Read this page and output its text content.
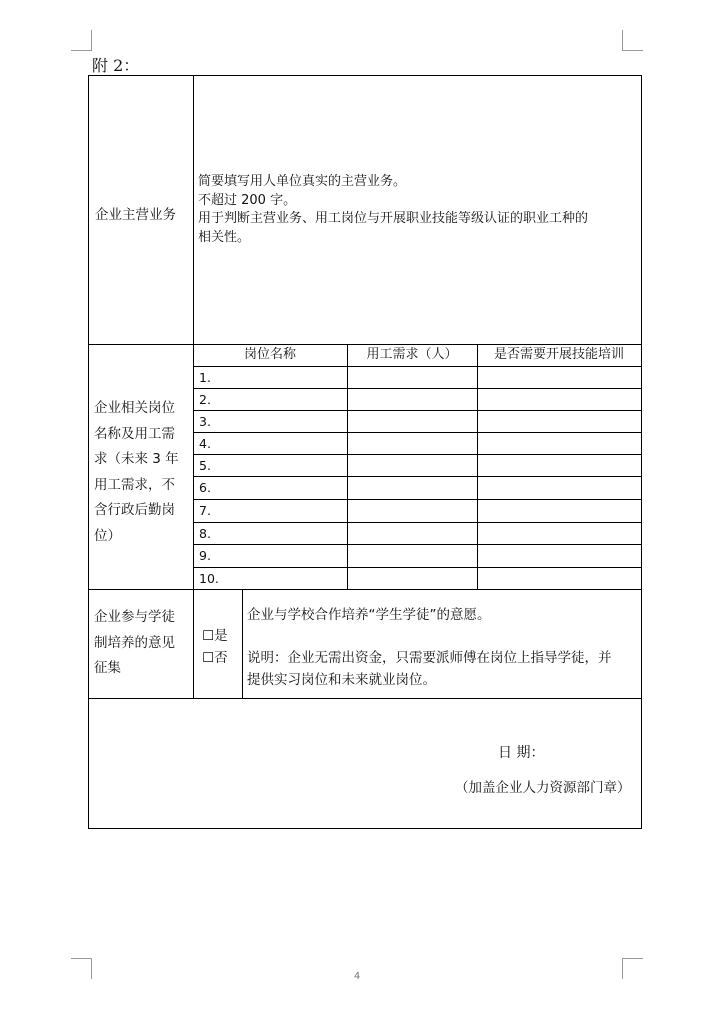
附 2：
企业主营业务
简要填写用人单位真实的主营业务。
不超过 200 字。
用于判断主营业务、用工岗位与开展职业技能等级认证的职业工种的
相关性。
企业相关岗位
名称及用工需
求（未来 3 年
用工需求，不
含行政后勤岗
位）
岗位名称	用工需求（人）	是否需要开展技能培训
1.
2.
3.
4.
5.
6.
7.
8.
9.
10.
企业参与学徒
制培养的意见
征集
☐是
☐否
企业与学校合作培养“学生学徒”的意愿。
说明：企业无需出资金，只需要派师傅在岗位上指导学徒，并
提供实习岗位和未来就业岗位。
日 期：
（加盖企业人力资源部门章）
4
